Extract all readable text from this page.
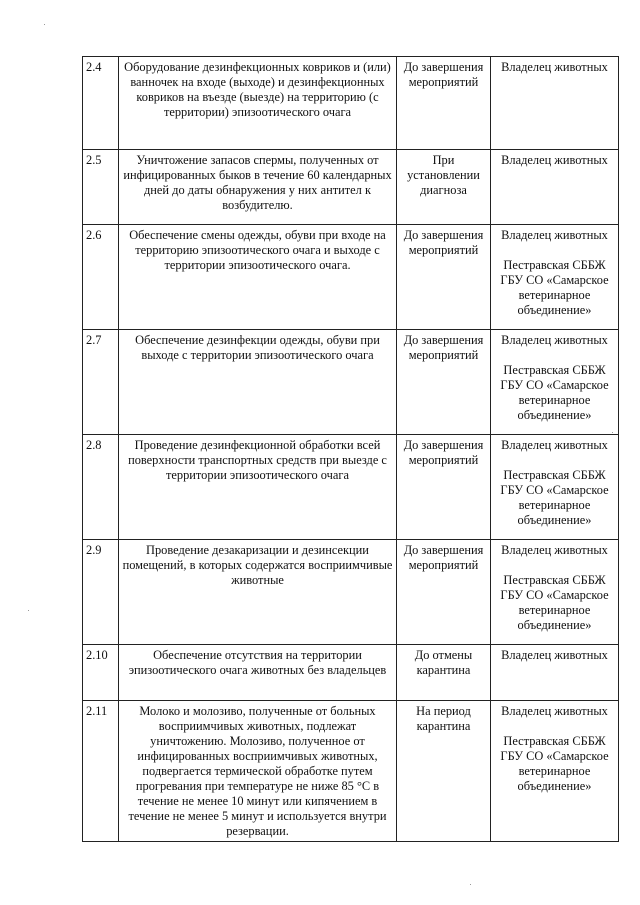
2.4	Оборудование дезинфекционных ковриков и (или) ванночек на входе (выходе) и дезинфекционных ковриков на въезде (выезде) на территорию (с территории) эпизоотического очага	До завершения мероприятий	Владелец животных

2.5	Уничтожение запасов спермы, полученных от инфицированных быков в течение 60 календарных дней до даты обнаружения у них антител к возбудителю.	При установлении диагноза	Владелец животных

2.6	Обеспечение смены одежды, обуви при входе на территорию эпизоотического очага и выходе с территории эпизоотического очага.	До завершения мероприятий	Владелец животных
Пестравская СББЖ ГБУ СО «Самарское ветеринарное объединение»

2.7	Обеспечение дезинфекции одежды, обуви при выходе с территории эпизоотического очага	До завершения мероприятий	Владелец животных
Пестравская СББЖ ГБУ СО «Самарское ветеринарное объединение»

2.8	Проведение дезинфекционной обработки всей поверхности транспортных средств при выезде с территории эпизоотического очага	До завершения мероприятий	Владелец животных
Пестравская СББЖ ГБУ СО «Самарское ветеринарное объединение»

2.9	Проведение дезакаризации и дезинсекции помещений, в которых содержатся восприимчивые животные	До завершения мероприятий	Владелец животных
Пестравская СББЖ ГБУ СО «Самарское ветеринарное объединение»

2.10	Обеспечение отсутствия на территории эпизоотического очага животных без владельцев	До отмены карантина	Владелец животных

2.11	Молоко и молозиво, полученные от больных восприимчивых животных, подлежат уничтожению. Молозиво, полученное от инфицированных восприимчивых животных, подвергается термической обработке путем прогревания при температуре не ниже 85 °С в течение не менее 10 минут или кипячением в течение не менее 5 минут и используется внутри резервации.	На период карантина	Владелец животных
Пестравская СББЖ ГБУ СО «Самарское ветеринарное объединение»
